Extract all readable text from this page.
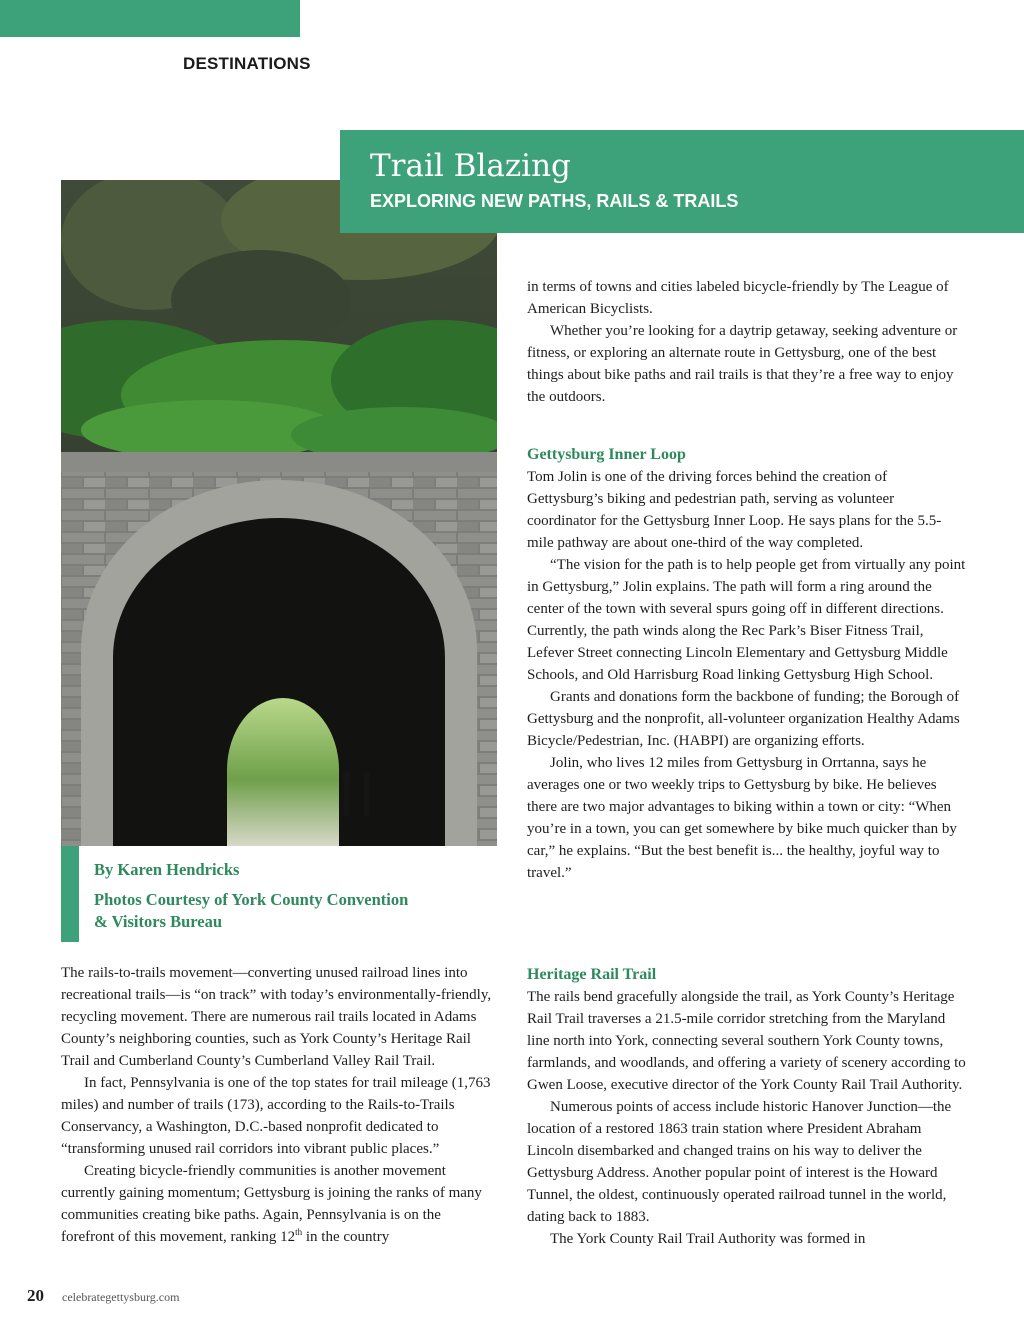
DESTINATIONS
Trail Blazing
EXPLORING NEW PATHS, RAILS & TRAILS
By Karen Hendricks
Photos Courtesy of York County Convention
& Visitors Bureau

The rails-to-trails movement—converting unused railroad lines into recreational trails—is “on track” with today’s environmentally-friendly, recycling movement. There are numerous rail trails located in Adams County’s neighboring counties, such as York County’s Heritage Rail Trail and Cumberland County’s Cumberland Valley Rail Trail.

In fact, Pennsylvania is one of the top states for trail mileage (1,763 miles) and number of trails (173), according to the Rails-to-Trails Conservancy, a Washington, D.C.-based nonprofit dedicated to “transforming unused rail corridors into vibrant public places.”

Creating bicycle-friendly communities is another movement currently gaining momentum; Gettysburg is joining the ranks of many communities creating bike paths. Again, Pennsylvania is on the forefront of this movement, ranking 12th in the country

in terms of towns and cities labeled bicycle-friendly by The League of American Bicyclists.

Whether you’re looking for a daytrip getaway, seeking adventure or fitness, or exploring an alternate route in Gettysburg, one of the best things about bike paths and rail trails is that they’re a free way to enjoy the outdoors.

Gettysburg Inner Loop

Tom Jolin is one of the driving forces behind the creation of Gettysburg’s biking and pedestrian path, serving as volunteer coordinator for the Gettysburg Inner Loop. He says plans for the 5.5-mile pathway are about one-third of the way completed.

“The vision for the path is to help people get from virtually any point in Gettysburg,” Jolin explains. The path will form a ring around the center of the town with several spurs going off in different directions. Currently, the path winds along the Rec Park’s Biser Fitness Trail, Lefever Street connecting Lincoln Elementary and Gettysburg Middle Schools, and Old Harrisburg Road linking Gettysburg High School.

Grants and donations form the backbone of funding; the Borough of Gettysburg and the nonprofit, all-volunteer organization Healthy Adams Bicycle/Pedestrian, Inc. (HABPI) are organizing efforts.

Jolin, who lives 12 miles from Gettysburg in Orrtanna, says he averages one or two weekly trips to Gettysburg by bike. He believes there are two major advantages to biking within a town or city: “When you’re in a town, you can get somewhere by bike much quicker than by car,” he explains. “But the best benefit is... the healthy, joyful way to travel.”

Heritage Rail Trail

The rails bend gracefully alongside the trail, as York County’s Heritage Rail Trail traverses a 21.5-mile corridor stretching from the Maryland line north into York, connecting several southern York County towns, farmlands, and woodlands, and offering a variety of scenery according to Gwen Loose, executive director of the York County Rail Trail Authority.

Numerous points of access include historic Hanover Junction—the location of a restored 1863 train station where President Abraham Lincoln disembarked and changed trains on his way to deliver the Gettysburg Address. Another popular point of interest is the Howard Tunnel, the oldest, continuously operated railroad tunnel in the world, dating back to 1883.

The York County Rail Trail Authority was formed in

20 celebrategettysburg.com
